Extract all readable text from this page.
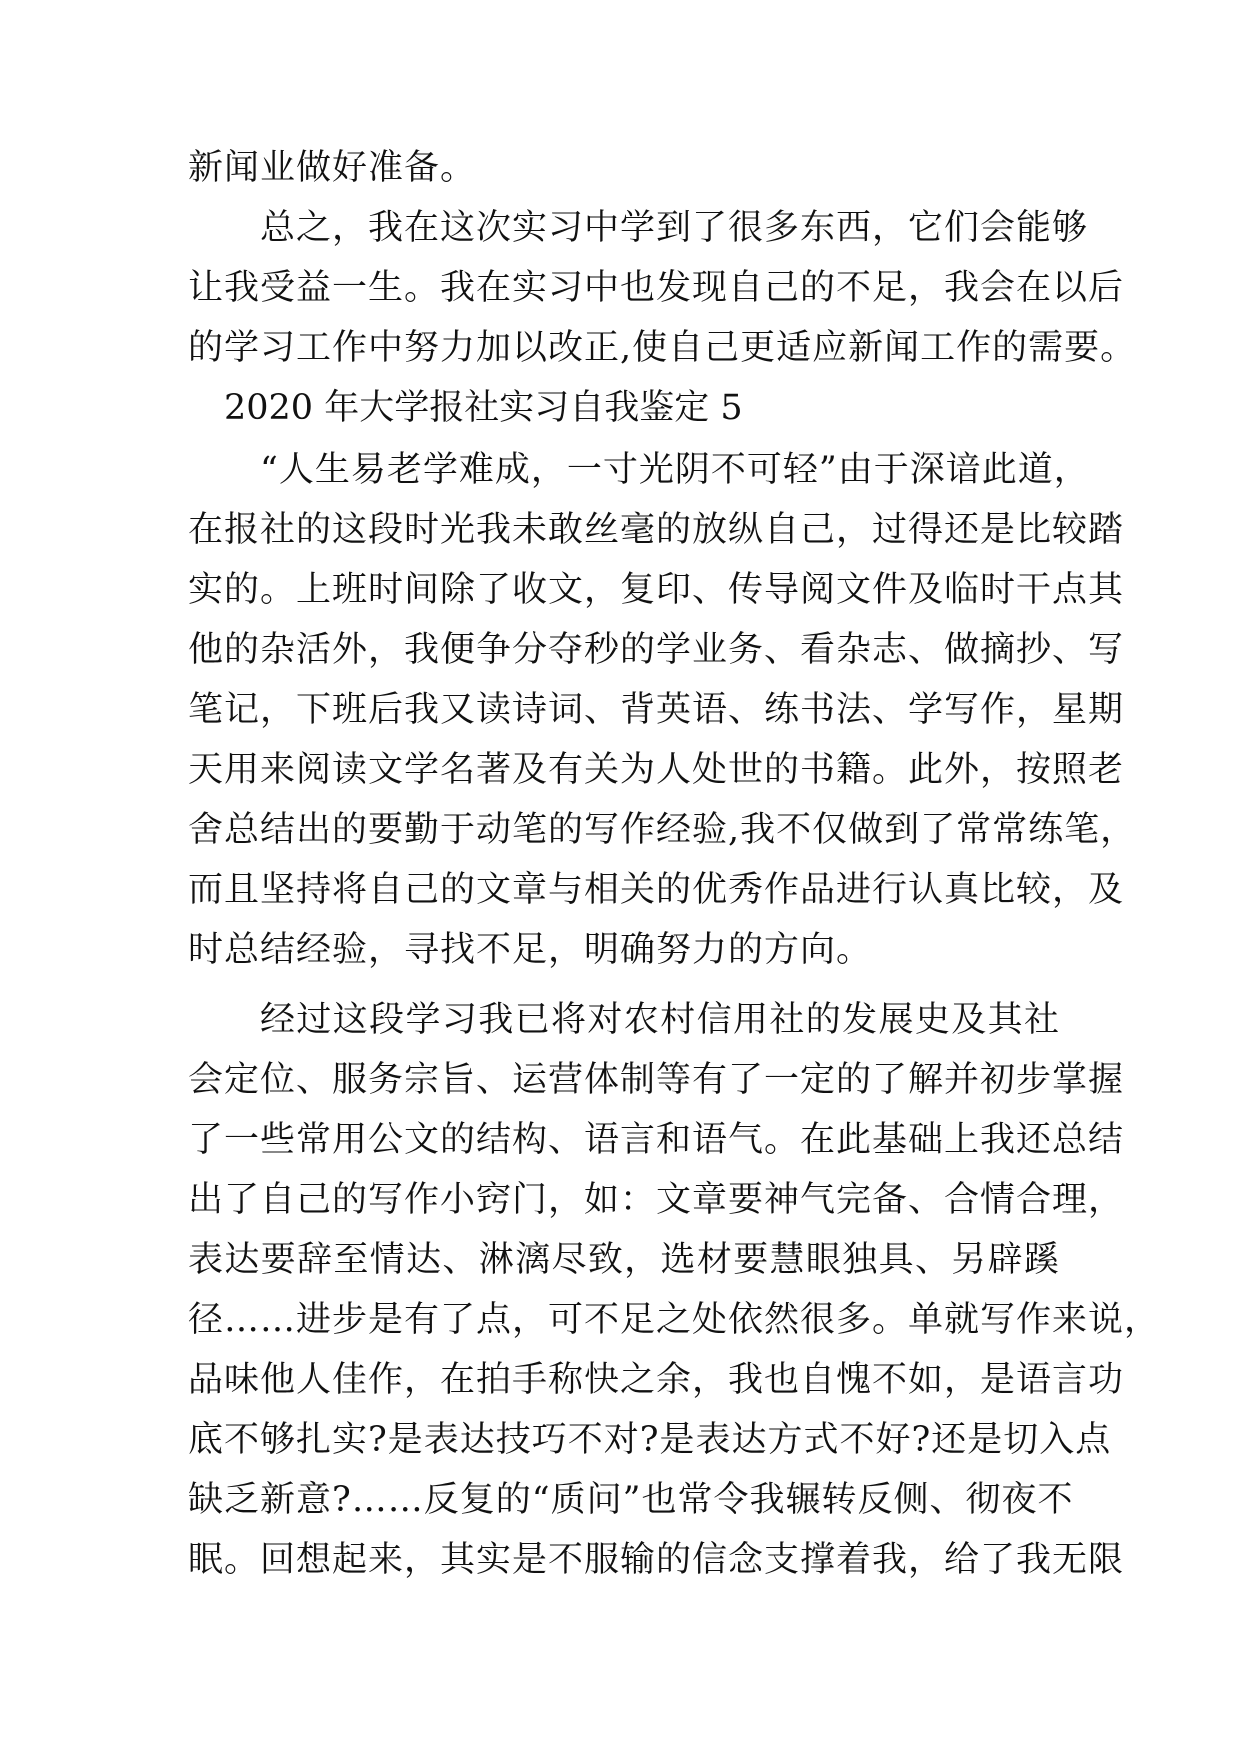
新闻业做好准备。
总之，我在这次实习中学到了很多东西，它们会能够
让我受益一生。我在实习中也发现自己的不足，我会在以后
的学习工作中努力加以改正,使自己更适应新闻工作的需要。
2020 年大学报社实习自我鉴定 5
“人生易老学难成，一寸光阴不可轻”由于深谙此道，
在报社的这段时光我未敢丝毫的放纵自己，过得还是比较踏
实的。上班时间除了收文，复印、传导阅文件及临时干点其
他的杂活外，我便争分夺秒的学业务、看杂志、做摘抄、写
笔记，下班后我又读诗词、背英语、练书法、学写作，星期
天用来阅读文学名著及有关为人处世的书籍。此外，按照老
舍总结出的要勤于动笔的写作经验,我不仅做到了常常练笔，
而且坚持将自己的文章与相关的优秀作品进行认真比较，及
时总结经验，寻找不足，明确努力的方向。
经过这段学习我已将对农村信用社的发展史及其社
会定位、服务宗旨、运营体制等有了一定的了解并初步掌握
了一些常用公文的结构、语言和语气。在此基础上我还总结
出了自己的写作小窍门，如：文章要神气完备、合情合理，
表达要辞至情达、淋漓尽致，选材要慧眼独具、另辟蹊
径……进步是有了点，可不足之处依然很多。单就写作来说，
品味他人佳作，在拍手称快之余，我也自愧不如，是语言功
底不够扎实?是表达技巧不对?是表达方式不好?还是切入点
缺乏新意?……反复的“质问”也常令我辗转反侧、彻夜不
眠。回想起来，其实是不服输的信念支撑着我，给了我无限
